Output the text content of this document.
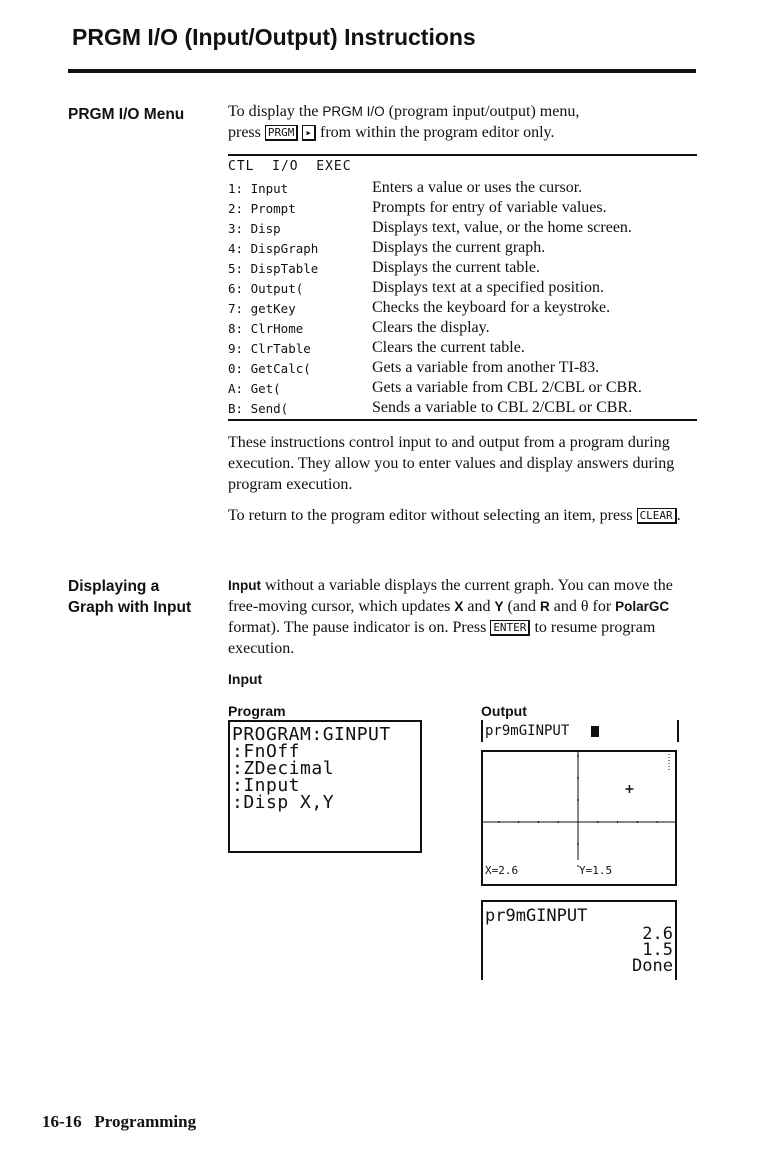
PRGM I/O (Input/Output) Instructions
PRGM I/O Menu	To display the PRGM I/O (program input/output) menu,
press PRGM ▸ from within the program editor only.
CTL  I/O  EXEC
1: Input	Enters a value or uses the cursor.
2: Prompt	Prompts for entry of variable values.
3: Disp	Displays text, value, or the home screen.
4: DispGraph	Displays the current graph.
5: DispTable	Displays the current table.
6: Output(	Displays text at a specified position.
7: getKey	Checks the keyboard for a keystroke.
8: ClrHome	Clears the display.
9: ClrTable	Clears the current table.
0: GetCalc(	Gets a variable from another TI-83.
A: Get(	Gets a variable from CBL 2/CBL or CBR.
B: Send(	Sends a variable to CBL 2/CBL or CBR.
These instructions control input to and output from a program during execution. They allow you to enter values and display answers during program execution.
To return to the program editor without selecting an item, press CLEAR .
Displaying a
Graph with Input
Input without a variable displays the current graph. You can move the free-moving cursor, which updates X and Y (and R and θ for PolarGC format). The pause indicator is on. Press ENTER to resume program execution.
Input
Program	Output
PROGRAM:GINPUT
:FnOff
:ZDecimal
:Input
:Disp X,Y
pr9mGINPUT
X=2.6	Y=1.5
pr9mGINPUT
2.6
1.5
Done
16-16   Programming
